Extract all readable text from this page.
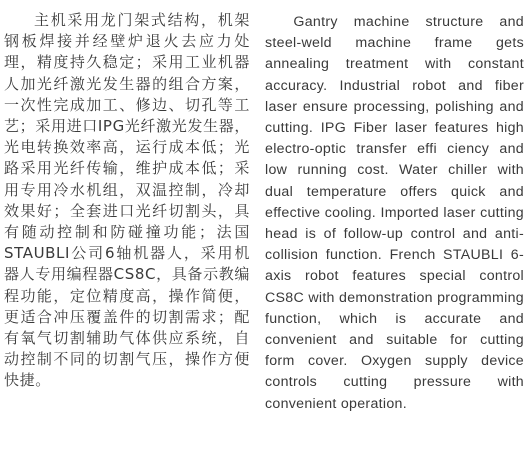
主机采用龙门架式结构，机架钢板焊接并经壁炉退火去应力处理，精度持久稳定；采用工业机器人加光纤激光发生器的组合方案，一次性完成加工、修边、切孔等工艺；采用进口IPG光纤激光发生器，光电转换效率高，运行成本低；光路采用光纤传输，维护成本低；采用专用冷水机组，双温控制，冷却效果好；全套进口光纤切割头，具有随动控制和防碰撞功能；法国STAUBLI公司6轴机器人，采用机器人专用编程器CS8C，具备示教编程功能，定位精度高，操作简便，更适合冲压覆盖件的切割需求；配有氧气切割辅助气体供应系统，自动控制不同的切割气压，操作方便快捷。
Gantry machine structure and steel-weld machine frame gets annealing treatment with constant accuracy. Industrial robot and fiber laser ensure processing, polishing and cutting. IPG Fiber laser features high electro-optic transfer effi ciency and low running cost. Water chiller with dual temperature offers quick and effective cooling. Imported laser cutting head is of follow-up control and anti-collision function. French STAUBLI 6-axis robot features special control CS8C with demonstration programming function, which is accurate and convenient and suitable for cutting form cover. Oxygen supply device controls cutting pressure with convenient operation.
